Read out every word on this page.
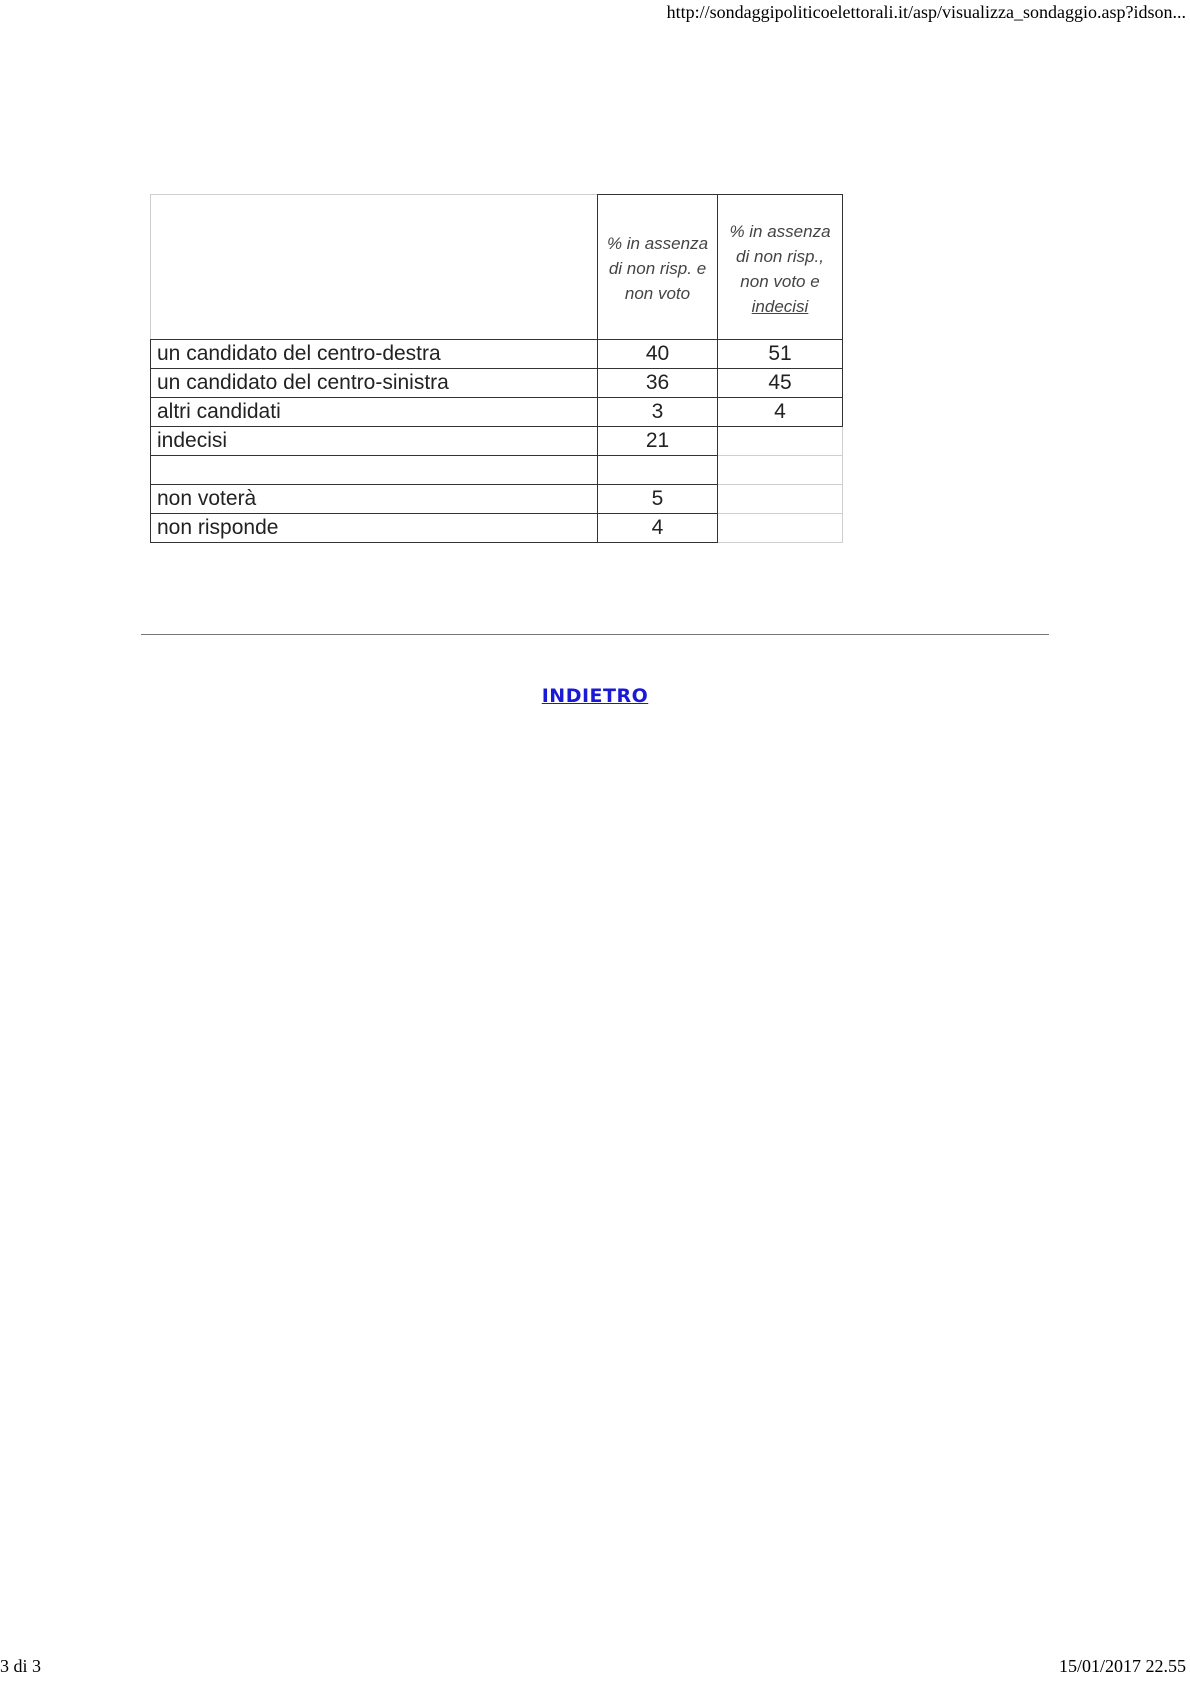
http://sondaggipoliticoelettorali.it/asp/visualizza_sondaggio.asp?idson...

	% in assenza
di non risp. e
non voto	% in assenza
di non risp.,
non voto e
indecisi

un candidato del centro-destra	40	51
un candidato del centro-sinistra	36	45
altri candidati	3	4
indecisi	21	

non voterà	5	
non risponde	4	
INDIETRO
3 di 3	15/01/2017 22.55
